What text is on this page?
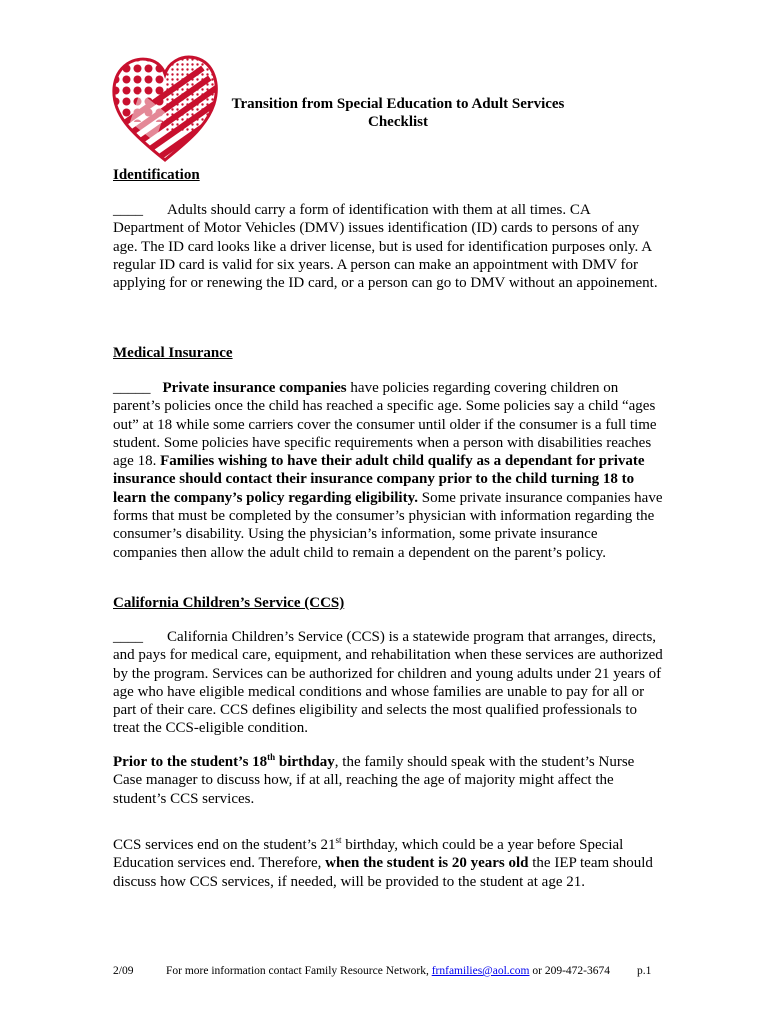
Transition from Special Education to Adult Services
Checklist
Identification

____ Adults should carry a form of identification with them at all times. CA Department of Motor Vehicles (DMV) issues identification (ID) cards to persons of any age. The ID card looks like a driver license, but is used for identification purposes only. A regular ID card is valid for six years. A person can make an appointment with DMV for applying for or renewing the ID card, or a person can go to DMV without an appoinement.

Medical Insurance

_____ Private insurance companies have policies regarding covering children on parent’s policies once the child has reached a specific age. Some policies say a child “ages out” at 18 while some carriers cover the consumer until older if the consumer is a full time student. Some policies have specific requirements when a person with disabilities reaches age 18. Families wishing to have their adult child qualify as a dependant for private insurance should contact their insurance company prior to the child turning 18 to learn the company’s policy regarding eligibility. Some private insurance companies have forms that must be completed by the consumer’s physician with information regarding the consumer’s disability. Using the physician’s information, some private insurance companies then allow the adult child to remain a dependent on the parent’s policy.

California Children’s Service (CCS)

____ California Children’s Service (CCS) is a statewide program that arranges, directs, and pays for medical care, equipment, and rehabilitation when these services are authorized by the program. Services can be authorized for children and young adults under 21 years of age who have eligible medical conditions and whose families are unable to pay for all or part of their care. CCS defines eligibility and selects the most qualified professionals to treat the CCS-eligible condition.

Prior to the student’s 18th birthday, the family should speak with the student’s Nurse Case manager to discuss how, if at all, reaching the age of majority might affect the student’s CCS services.

CCS services end on the student’s 21st birthday, which could be a year before Special Education services end. Therefore, when the student is 20 years old the IEP team should discuss how CCS services, if needed, will be provided to the student at age 21.

2/09	For more information contact Family Resource Network, frnfamilies@aol.com or 209-472-3674 p.1
